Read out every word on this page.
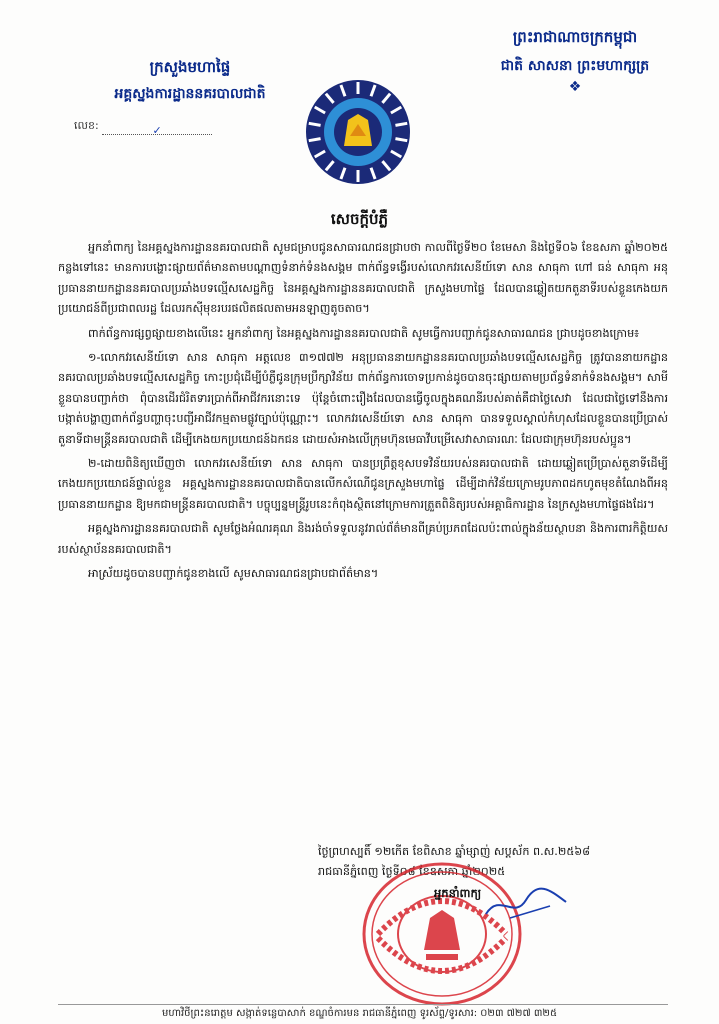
ក្រសួងមហាផ្ទៃ
អគ្គស្នងការដ្ឋាននគរបាលជាតិ
លេខ:	✓
ព្រះរាជាណាចក្រកម្ពុជា
ជាតិ សាសនា ព្រះមហាក្សត្រ
❖
សេចក្តីបំភ្លឺ

អ្នកនាំពាក្យ នៃអគ្គស្នងការដ្ឋាននគរបាលជាតិ សូមជម្រាបជូនសាធារណជនជ្រាបថា កាលពីថ្ងៃទី២០ ខែមេសា និងថ្ងៃទី០៦ ខែឧសភា ឆ្នាំ២០២៥ កន្លងទៅនេះ មានការបង្ហោះផ្សាយព័ត៌មានតាមបណ្តាញទំនាក់ទំនងសង្គម ពាក់ព័ន្ធទង្វើរបស់លោកវរសេនីយ៍ទោ សាន សាធុកា ហៅ ធន់ សាធុកា អនុប្រធាននាយកដ្ឋាននគរបាលប្រឆាំងបទល្មើសសេដ្ឋកិច្ច នៃអគ្គស្នងការដ្ឋាននគរបាលជាតិ ក្រសួងមហាផ្ទៃ ដែលបានឆ្លៀតយកតួនាទីរបស់ខ្លួនកេងយកប្រយោជន៍ពីប្រជាពលរដ្ឋ ដែលរកស៊ីមុខរបរផលិតផលតាមអនឡាញតូចតាច។

ពាក់ព័ន្ធការផ្សព្វផ្សាយខាងលើនេះ អ្នកនាំពាក្យ នៃអគ្គស្នងការដ្ឋាននគរបាលជាតិ សូមធ្វើការបញ្ជាក់ជូនសាធារណជន ជ្រាបដូចខាងក្រោម៖

១-លោកវរសេនីយ៍ទោ សាន សាធុកា អត្តលេខ ៣១៧៧២ អនុប្រធាននាយកដ្ឋាននគរបាលប្រឆាំងបទល្មើសសេដ្ឋកិច្ច ត្រូវបាននាយកដ្ឋាននគរបាលប្រឆាំងបទល្មើសសេដ្ឋកិច្ច កោះប្រជុំដើម្បីបំភ្លឺជូនក្រុមប្រឹក្សាវិន័យ ពាក់ព័ន្ធការចោទប្រកាន់ដូចបានចុះផ្សាយតាមប្រព័ន្ធទំនាក់ទំនងសង្គម។ សាមីខ្លួនបានបញ្ជាក់ថា ពុំបានដើរជំរិតទារប្រាក់ពីអាជីវករនោះទេ ប៉ុន្តែចំពោះរឿងដែលបានធ្វើចូលក្នុងគណនីរបស់គាត់គឺជាថ្លៃសេវា ដែលជាថ្លៃទៅនឹងការបង្កាត់បង្ហាញពាក់ព័ន្ធបញ្ហាចុះបញ្ជីអាជីវកម្មតាមផ្លូវច្បាប់ប៉ុណ្ណោះ។ លោកវរសេនីយ៍ទោ សាន សាធុកា បានទទួលស្គាល់កំហុសដែលខ្លួនបានប្រើប្រាស់តួនាទីជាមន្ត្រីនគរបាលជាតិ ដើម្បីកេងយកប្រយោជន៍ឯកជន ដោយសំអាងលើក្រុមហ៊ុនមេធាវីបម្រើសេវាសាធារណៈ ដែលជាក្រុមហ៊ុនរបស់ប្អូន។

២-ដោយពិនិត្យឃើញថា លោកវរសេនីយ៍ទោ សាន សាធុកា បានប្រព្រឹត្តខុសបទវិន័យរបស់នគរបាលជាតិ ដោយឆ្លៀតប្រើប្រាស់តួនាទីដើម្បីកេងយកប្រយោជន៍ផ្ទាល់ខ្លួន អគ្គស្នងការដ្ឋាននគរបាលជាតិបានលើកសំណើជូនក្រសួងមហាផ្ទៃ ដើម្បីដាក់វិន័យក្រោមរូបភាពដកហូតមុខតំណែងពីអនុប្រធាននាយកដ្ឋាន ឱ្យមកជាមន្ត្រីនគរបាលជាតិ។ បច្ចុប្បន្នមន្ត្រីរូបនេះកំពុងស្ថិតនៅក្រោមការត្រួតពិនិត្យរបស់អគ្គាធិការដ្ឋាន នៃក្រសួងមហាផ្ទៃផងដែរ។

អគ្គស្នងការដ្ឋាននគរបាលជាតិ សូមថ្លែងអំណរគុណ និងរង់ចាំទទួលនូវរាល់ព័ត៌មានពីគ្រប់ប្រភពដែលប៉ះពាល់ក្នុងន័យស្ថាបនា និងការពារកិត្តិយសរបស់ស្ថាប័ននគរបាលជាតិ។

អាស្រ័យដូចបានបញ្ជាក់ជូនខាងលើ សូមសាធារណជនជ្រាបជាព័ត៌មាន។

ថ្ងៃព្រហស្បតិ៍ ១២កើត ខែពិសាខ ឆ្នាំម្សាញ់ សប្តស័ក ព.ស.២៥៦៨
រាជធានីភ្នំពេញ ថ្ងៃទី០៨ ខែឧសភា ឆ្នាំ២០២៥
អ្នកនាំពាក្យ
មហាវិថីព្រះនរោត្តម សង្កាត់ទន្លេបាសាក់ ខណ្ឌចំការមន រាជធានីភ្នំពេញ ទូរស័ព្ទ/ទូរសារ: ០២៣ ៧២៧ ៣២៥
